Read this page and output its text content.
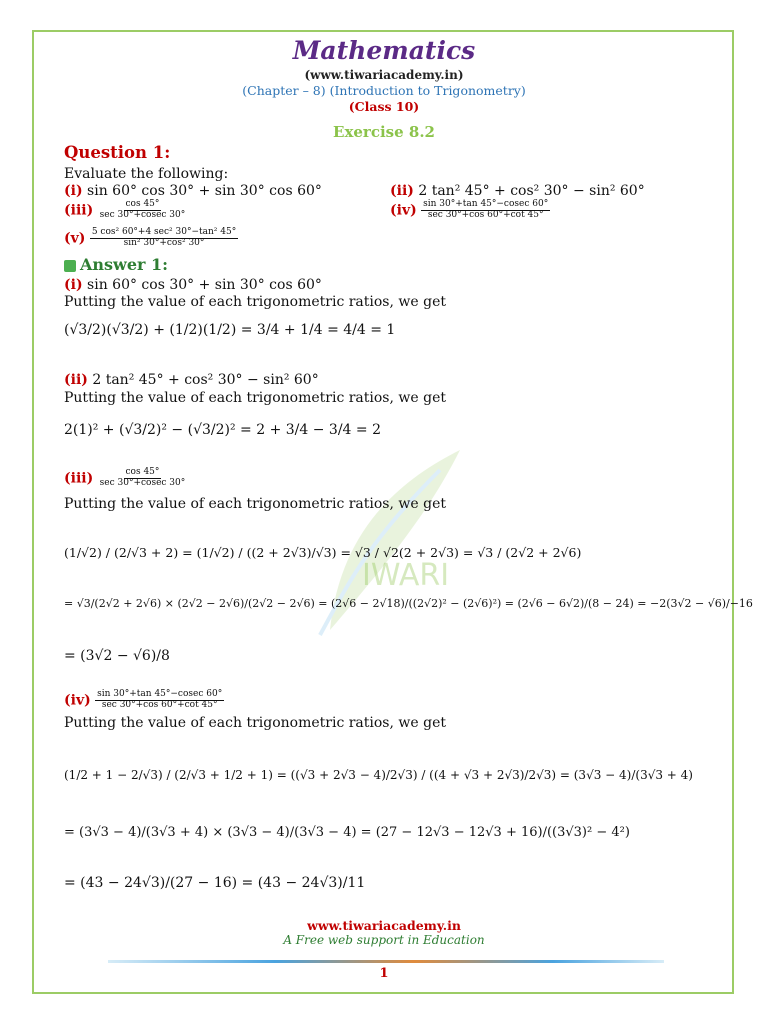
Mathematics
(www.tiwariacademy.in)
(Chapter – 8) (Introduction to Trigonometry)
(Class 10)
Exercise 8.2
IWARI
Question 1:
Evaluate the following:
(i) sin 60° cos 30° + sin 30° cos 60°	(ii) 2 tan² 45° + cos² 30° − sin² 60°
$(iii) \frac{\cos 45^\circ}{\sec 30^\circ+cosec 30^\circ}$	$(iv) \frac{\sin 30^\circ+\tan 45^\circ-cosec 60^\circ}{\sec 30^\circ+\cos 60^\circ+\cot 45^\circ}$
$(v) \frac{\text{5 cos² 60°+4 sec² 30°−tan² 45°}}{\text{sin² 30°+cos² 30°}}$
Answer 1:
(i) sin 60° cos 30° + sin 30° cos 60°
Putting the value of each trigonometric ratios, we get
(√3/2)(√3/2) + (1/2)(1/2) = 3/4 + 1/4 = 4/4 = 1
(ii) 2 tan² 45° + cos² 30° − sin² 60°
Putting the value of each trigonometric ratios, we get
2(1)² + (√3/2)² − (√3/2)² = 2 + 3/4 − 3/4 = 2
$(iii) \frac{\cos 45^\circ}{\sec 30^\circ+cosec 30^\circ}$
Putting the value of each trigonometric ratios, we get
(1/√2) / (2/√3 + 2) = (1/√2) / ((2 + 2√3)/√3) = √3 / √2(2 + 2√3) = √3 / (2√2 + 2√6)
= √3/(2√2 + 2√6) × (2√2 − 2√6)/(2√2 − 2√6) = (2√6 − 2√18)/((2√2)² − (2√6)²) = (2√6 − 6√2)/(8 − 24) = −2(3√2 − √6)/−16
= (3√2 − √6)/8
$(iv) \frac{\sin 30^\circ+\tan 45^\circ-cosec 60^\circ}{\sec 30^\circ+\cos 60^\circ+\cot 45^\circ}$
Putting the value of each trigonometric ratios, we get
(1/2 + 1 − 2/√3) / (2/√3 + 1/2 + 1) = ((√3 + 2√3 − 4)/2√3) / ((4 + √3 + 2√3)/2√3) = (3√3 − 4)/(3√3 + 4)
= (3√3 − 4)/(3√3 + 4) × (3√3 − 4)/(3√3 − 4) = (27 − 12√3 − 12√3 + 16)/((3√3)² − 4²)
= (43 − 24√3)/(27 − 16) = (43 − 24√3)/11
www.tiwariacademy.in
A Free web support in Education
1
